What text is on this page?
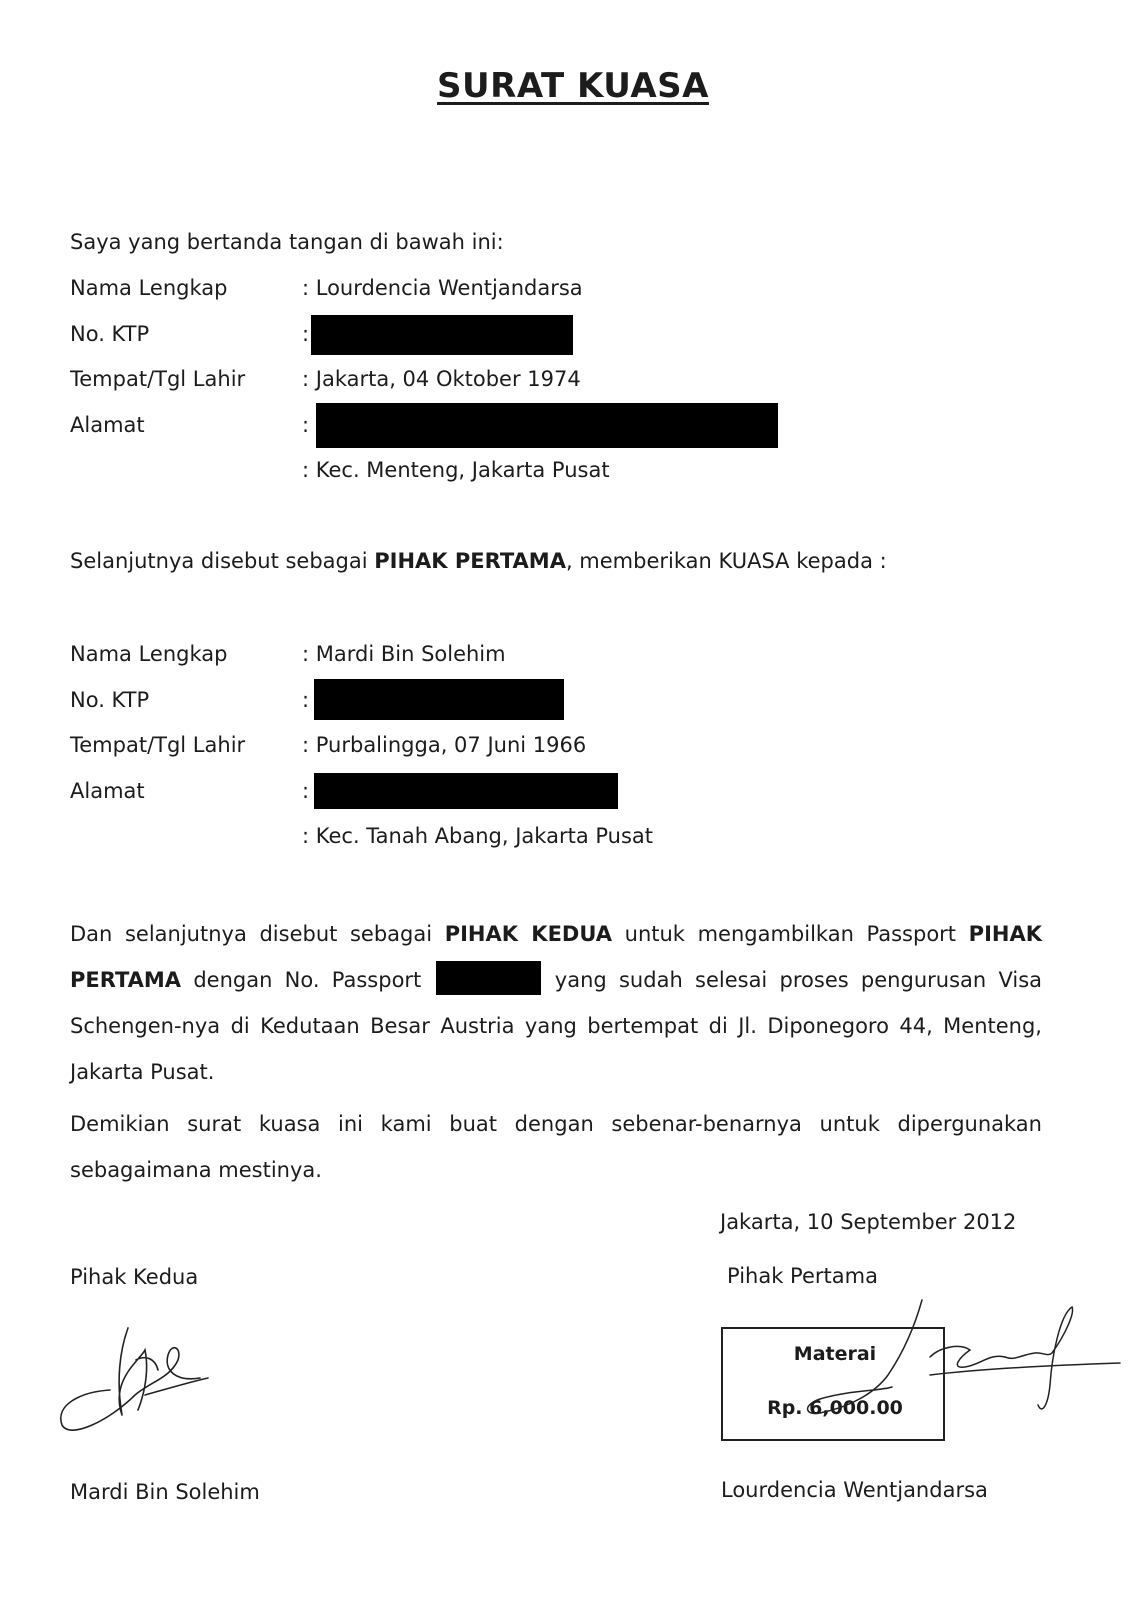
SURAT KUASA
Saya yang bertanda tangan di bawah ini:
Nama Lengkap	: Lourdencia Wentjandarsa
No. KTP	:
Tempat/Tgl Lahir	: Jakarta, 04 Oktober 1974
Alamat	:
: Kec. Menteng, Jakarta Pusat
Selanjutnya disebut sebagai PIHAK PERTAMA, memberikan KUASA kepada :
Nama Lengkap	: Mardi Bin Solehim
No. KTP	:
Tempat/Tgl Lahir	: Purbalingga, 07 Juni 1966
Alamat	:
: Kec. Tanah Abang, Jakarta Pusat
Dan selanjutnya disebut sebagai PIHAK KEDUA untuk mengambilkan Passport PIHAK PERTAMA dengan No. Passport	yang sudah selesai proses pengurusan Visa Schengen-nya di Kedutaan Besar Austria yang bertempat di Jl. Diponegoro 44, Menteng, Jakarta Pusat.
Demikian surat kuasa ini kami buat dengan sebenar-benarnya untuk dipergunakan sebagaimana mestinya.
Jakarta, 10 September 2012
Pihak Kedua	Pihak Pertama
Materai
Rp. 6,000.00
Mardi Bin Solehim	Lourdencia Wentjandarsa
